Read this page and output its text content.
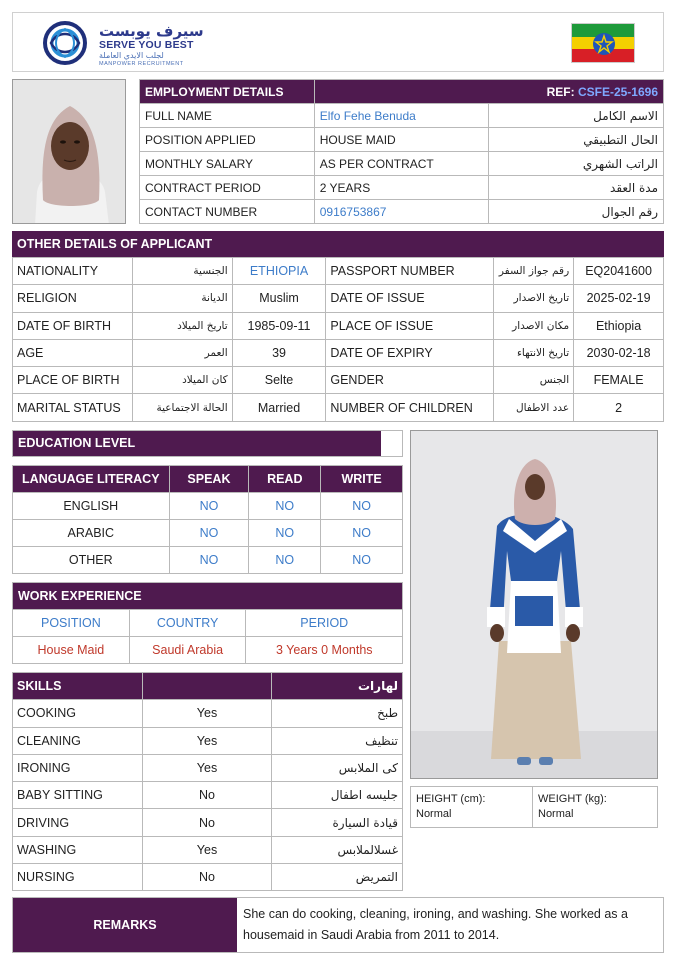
سيرف يوبست
SERVE YOU BEST
لجلب الايدي العاملة
MANPOWER RECRUITMENT
EMPLOYMENT DETAILS	REF: CSFE-25-1696	
FULL NAME	Elfo Fehe Benuda	الاسم الكامل
POSITION APPLIED	HOUSE MAID	الحال التطبيقي
MONTHLY SALARY	AS PER CONTRACT	الراتب الشهري
CONTRACT PERIOD	2 YEARS	مدة العقد
CONTACT NUMBER	0916753867	رقم الجوال
OTHER DETAILS OF APPLICANT
NATIONALITY	الجنسية	ETHIOPIA	PASSPORT NUMBER	رقم جواز السفر	EQ2041600
RELIGION	الديانة	Muslim	DATE OF ISSUE	تاريخ الاصدار	2025-02-19
DATE OF BIRTH	تاريخ الميلاد	1985-09-11	PLACE OF ISSUE	مكان الاصدار	Ethiopia
AGE	العمر	39	DATE OF EXPIRY	تاريخ الانتهاء	2030-02-18
PLACE OF BIRTH	كان الميلاد	Selte	GENDER	الجنس	FEMALE
MARITAL STATUS	الحالة الاجتماعية	Married	NUMBER OF CHILDREN	عدد الاطفال	2
EDUCATION LEVEL
LANGUAGE LITERACY	SPEAK	READ	WRITE
ENGLISH	NO	NO	NO
ARABIC	NO	NO	NO
OTHER	NO	NO	NO
WORK EXPERIENCE		
POSITION	COUNTRY	PERIOD
House Maid	Saudi Arabia	3 Years 0 Months
SKILLS		لهارات
COOKING	Yes	طبخ
CLEANING	Yes	تنظيف
IRONING	Yes	كى الملابس
BABY SITTING	No	جليسه اطفال
DRIVING	No	قيادة السيارة
WASHING	Yes	غسلالملابس
NURSING	No	التمريض
HEIGHT (cm):
Normal
WEIGHT (kg):
Normal
REMARKS
She can do cooking, cleaning, ironing, and washing. She worked as a housemaid in Saudi Arabia from 2011 to 2014.
